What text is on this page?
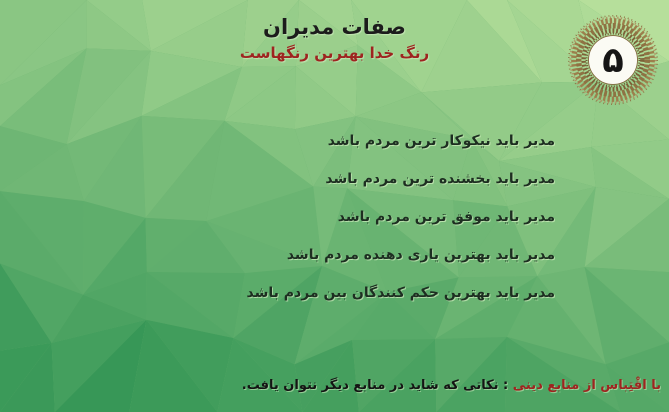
صفات مديران
رنگ خدا بهترين رنگهاست	۵
مدير بايد نيكوكار ترين مردم باشد
مدير بايد بخشنده ترين مردم باشد
مدير بايد موفق ترين مردم باشد
مدير بايد بهترين يارى دهنده مردم باشد
مدير بايد بهترين حكم كنندگان بين مردم باشد
با اقْتِباس از منابع دينى : نكاتى كه شايد در منابع ديگر نتوان يافت.
